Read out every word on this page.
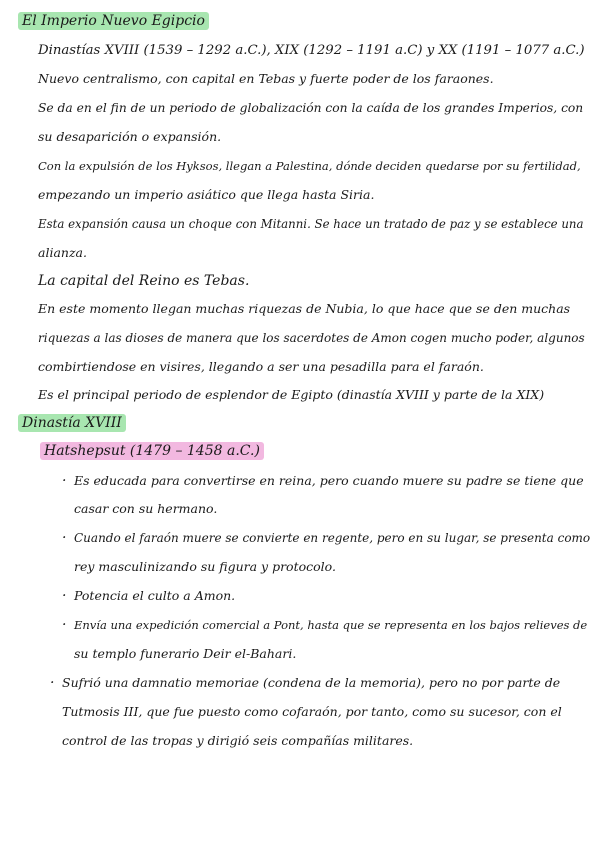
El Imperio Nuevo Egipcio
Dinastías XVIII (1539 – 1292 a.C.), XIX (1292 – 1191 a.C) y XX (1191 – 1077 a.C.)
Nuevo centralismo, con capital en Tebas y fuerte poder de los faraones.
Se da en el fin de un periodo de globalización con la caída de los grandes Imperios, con
su desaparición o expansión.
Con la expulsión de los Hyksos, llegan a Palestina, dónde deciden quedarse por su fertilidad,
empezando un imperio asiático que llega hasta Siria.
Esta expansión causa un choque con Mitanni. Se hace un tratado de paz y se establece una
alianza.
La capital del Reino es Tebas.
En este momento llegan muchas riquezas de Nubia, lo que hace que se den muchas
riquezas a las dioses de manera que los sacerdotes de Amon cogen mucho poder, algunos
combirtiendose en visires, llegando a ser una pesadilla para el faraón.
Es el principal periodo de esplendor de Egipto (dinastía XVIII y parte de la XIX)
Dinastía XVIII
Hatshepsut (1479 – 1458 a.C.)
· Es educada para convertirse en reina, pero cuando muere su padre se tiene que
casar con su hermano.
· Cuando el faraón muere se convierte en regente, pero en su lugar, se presenta como
rey masculinizando su figura y protocolo.
· Potencia el culto a Amon.
· Envía una expedición comercial a Pont, hasta que se representa en los bajos relieves de
su templo funerario Deir el-Bahari.
· Sufrió una damnatio memoriae (condena de la memoria), pero no por parte de
Tutmosis III, que fue puesto como cofaraón, por tanto, como su sucesor, con el
control de las tropas y dirigió seis compañías militares.
